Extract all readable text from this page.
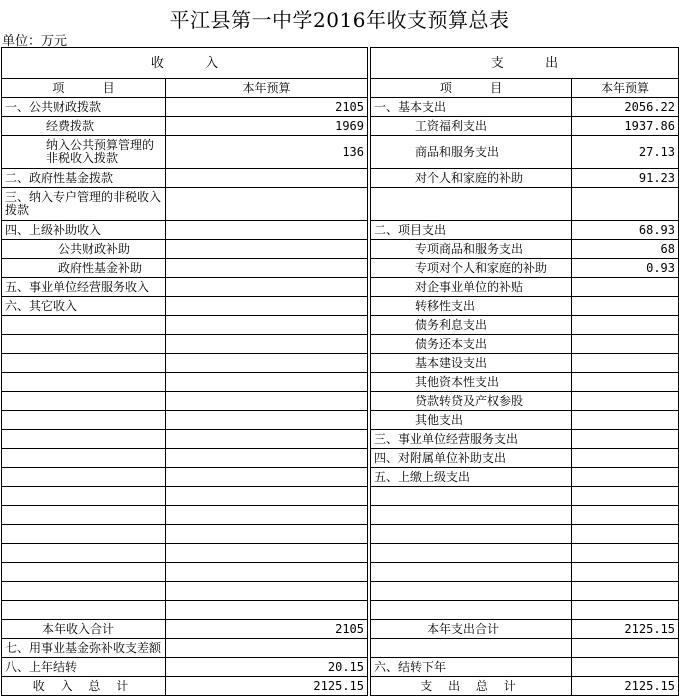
平江县第一中学2016年收支预算总表
单位：万元
收          入			支          出	
项          目	本年预算		项          目	本年预算
一、公共财政拨款	2105		一、基本支出	2056.22
经费拨款	1969		工资福利支出	1937.86
纳入公共预算管理的非税收入拨款	136		商品和服务支出	27.13
二、政府性基金拨款			对个人和家庭的补助	91.23
三、纳入专户管理的非税收入拨款				
四、上级补助收入			二、项目支出	68.93
公共财政补助			专项商品和服务支出	68
政府性基金补助			专项对个人和家庭的补助	0.93
五、事业单位经营服务收入			对企事业单位的补贴	
六、其它收入			转移性支出	
			债务利息支出	
			债务还本支出	
			基本建设支出	
			其他资本性支出	
			贷款转贷及产权参股	
			其他支出	
			三、事业单位经营服务支出	
			四、对附属单位补助支出	
			五、上缴上级支出	

本年收入合计	2105		本年支出合计	2125.15
七、用事业基金弥补收支差额				
八、上年结转	20.15		六、结转下年	
收 入 总 计	2125.15		支 出 总 计	2125.15
